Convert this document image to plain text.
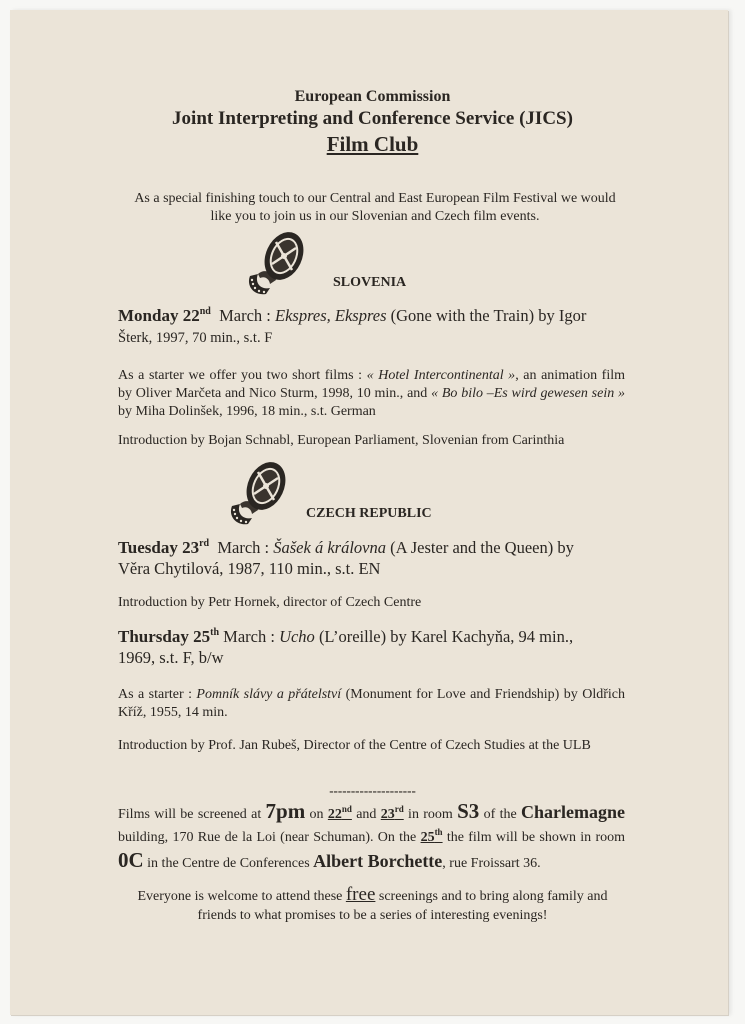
European Commission
Joint Interpreting and Conference Service (JICS)
Film Club
As a special finishing touch to our Central and East European Film Festival we would
like you to join us in our Slovenian and Czech film events.
SLOVENIA
Monday 22nd March : Ekspres, Ekspres (Gone with the Train) by Igor
Šterk, 1997, 70 min., s.t. F
As a starter we offer you two short films : « Hotel Intercontinental », an animation film by Oliver Marčeta and Nico Sturm, 1998, 10 min., and « Bo bilo –Es wird gewesen sein » by Miha Dolinšek, 1996, 18 min., s.t. German
Introduction by Bojan Schnabl, European Parliament, Slovenian from Carinthia
CZECH REPUBLIC
Tuesday 23rd March : Šašek á královna (A Jester and the Queen) by
Věra Chytilová, 1987, 110 min., s.t. EN
Introduction by Petr Hornek, director of Czech Centre
Thursday 25th March : Ucho (L’oreille) by Karel Kachyňa, 94 min.,
1969, s.t. F, b/w
As a starter : Pomník slávy a přátelství (Monument for Love and Friendship) by Oldřich Kříž, 1955, 14 min.
Introduction by Prof. Jan Rubeš, Director of the Centre of Czech Studies at the ULB
--------------------
Films will be screened at 7pm on 22nd and 23rd in room S3 of the Charlemagne building, 170 Rue de la Loi (near Schuman). On the 25th the film will be shown in room 0C in the Centre de Conferences Albert Borchette, rue Froissart 36.
Everyone is welcome to attend these free screenings and to bring along family and
friends to what promises to be a series of interesting evenings!
